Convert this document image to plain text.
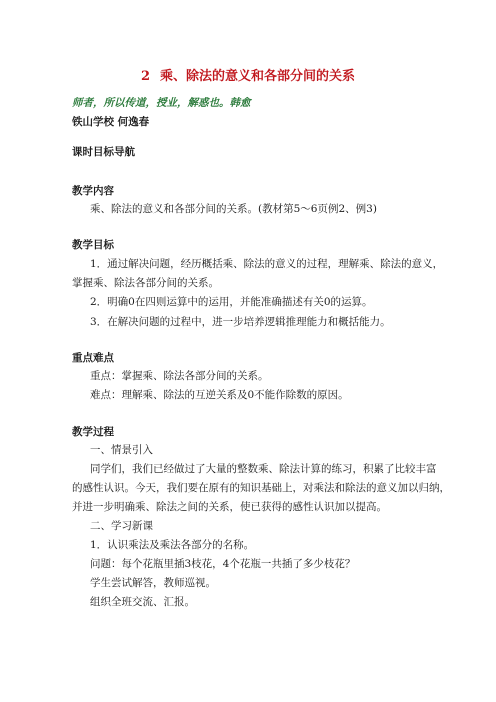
2 乘、除法的意义和各部分间的关系
师者，所以传道，授业，解惑也。韩愈
铁山学校 何逸春
课时目标导航
教学内容
乘、除法的意义和各部分间的关系。(教材第5～6页例2、例3)
教学目标
1．通过解决问题，经历概括乘、除法的意义的过程，理解乘、除法的意义，
掌握乘、除法各部分间的关系。
2．明确0在四则运算中的运用，并能准确描述有关0的运算。
3．在解决问题的过程中，进一步培养逻辑推理能力和概括能力。
重点难点
重点：掌握乘、除法各部分间的关系。
难点：理解乘、除法的互逆关系及0不能作除数的原因。
教学过程
一、情景引入
同学们，我们已经做过了大量的整数乘、除法计算的练习，积累了比较丰富
的感性认识。今天，我们要在原有的知识基础上，对乘法和除法的意义加以归纳，
并进一步明确乘、除法之间的关系，使已获得的感性认识加以提高。
二、学习新课
1．认识乘法及乘法各部分的名称。
问题：每个花瓶里插3枝花，4个花瓶一共插了多少枝花？
学生尝试解答，教师巡视。
组织全班交流、汇报。
